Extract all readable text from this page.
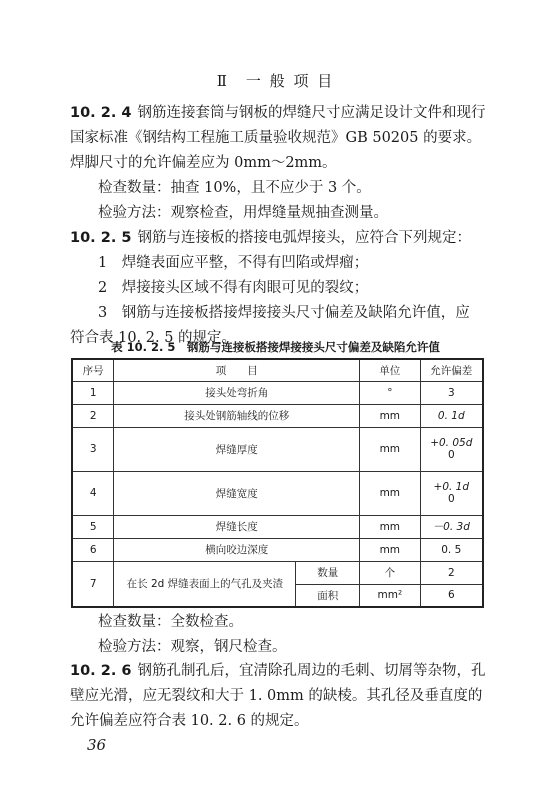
Ⅱ　一 般 项 目
10. 2. 4 钢筋连接套筒与钢板的焊缝尺寸应满足设计文件和现行
国家标准《钢结构工程施工质量验收规范》GB 50205 的要求。
焊脚尺寸的允许偏差应为 0mm～2mm。
检查数量：抽查 10%，且不应少于 3 个。
检验方法：观察检查，用焊缝量规抽查测量。
10. 2. 5 钢筋与连接板的搭接电弧焊接头，应符合下列规定：
1　焊缝表面应平整，不得有凹陷或焊瘤；
2　焊接接头区域不得有肉眼可见的裂纹；
3　钢筋与连接板搭接焊接接头尺寸偏差及缺陷允许值，应
符合表 10. 2. 5 的规定。
表 10. 2. 5　钢筋与连接板搭接焊接接头尺寸偏差及缺陷允许值
序号	项　　目		单位	允许偏差
1	接头处弯折角		°	3
2	接头处钢筋轴线的位移		mm	0. 1d
3	焊缝厚度		mm	+0. 05d
0

4	焊缝宽度		mm	+0. 1d
0

5	焊缝长度		mm	－0. 3d
6	横向咬边深度		mm	0. 5
7	在长 2d 焊缝表面上的气孔及夹渣	数量	个	2
		面积	mm²	6
检查数量：全数检查。
检验方法：观察，钢尺检查。
10. 2. 6 钢筋孔制孔后，宜清除孔周边的毛刺、切屑等杂物，孔
壁应光滑，应无裂纹和大于 1. 0mm 的缺棱。其孔径及垂直度的
允许偏差应符合表 10. 2. 6 的规定。
36
